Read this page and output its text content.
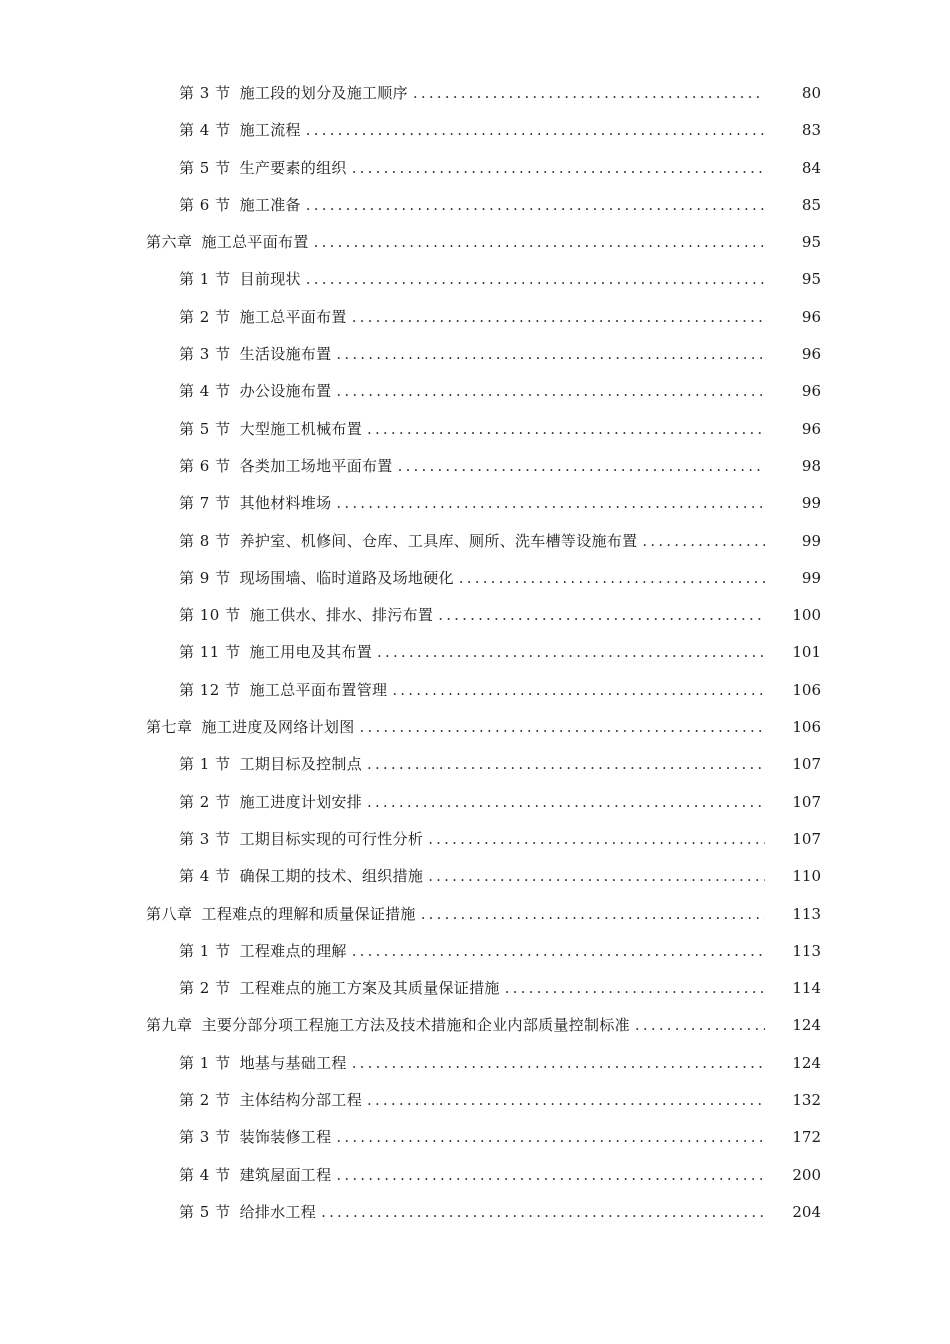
第 3 节 施工段的划分及施工顺序 .....	80
第 4 节 施工流程 .....	83
第 5 节 生产要素的组织 .....	84
第 6 节 施工准备 .....	85
第六章 施工总平面布置 .....	95
第 1 节 目前现状 .....	95
第 2 节 施工总平面布置 .....	96
第 3 节 生活设施布置 .....	96
第 4 节 办公设施布置 .....	96
第 5 节 大型施工机械布置 .....	96
第 6 节 各类加工场地平面布置 .....	98
第 7 节 其他材料堆场 .....	99
第 8 节 养护室、机修间、仓库、工具库、厕所、洗车槽等设施布置 .....	99
第 9 节 现场围墙、临时道路及场地硬化 .....	99
第 10 节 施工供水、排水、排污布置 .....	100
第 11 节 施工用电及其布置 .....	101
第 12 节 施工总平面布置管理 .....	106
第七章 施工进度及网络计划图 .....	106
第 1 节 工期目标及控制点 .....	107
第 2 节 施工进度计划安排 .....	107
第 3 节 工期目标实现的可行性分析 .....	107
第 4 节 确保工期的技术、组织措施 .....	110
第八章 工程难点的理解和质量保证措施 .....	113
第 1 节 工程难点的理解 .....	113
第 2 节 工程难点的施工方案及其质量保证措施 .....	114
第九章 主要分部分项工程施工方法及技术措施和企业内部质量控制标准 .....	124
第 1 节 地基与基础工程 .....	124
第 2 节 主体结构分部工程 .....	132
第 3 节 装饰装修工程 .....	172
第 4 节 建筑屋面工程 .....	200
第 5 节 给排水工程 .....	204
